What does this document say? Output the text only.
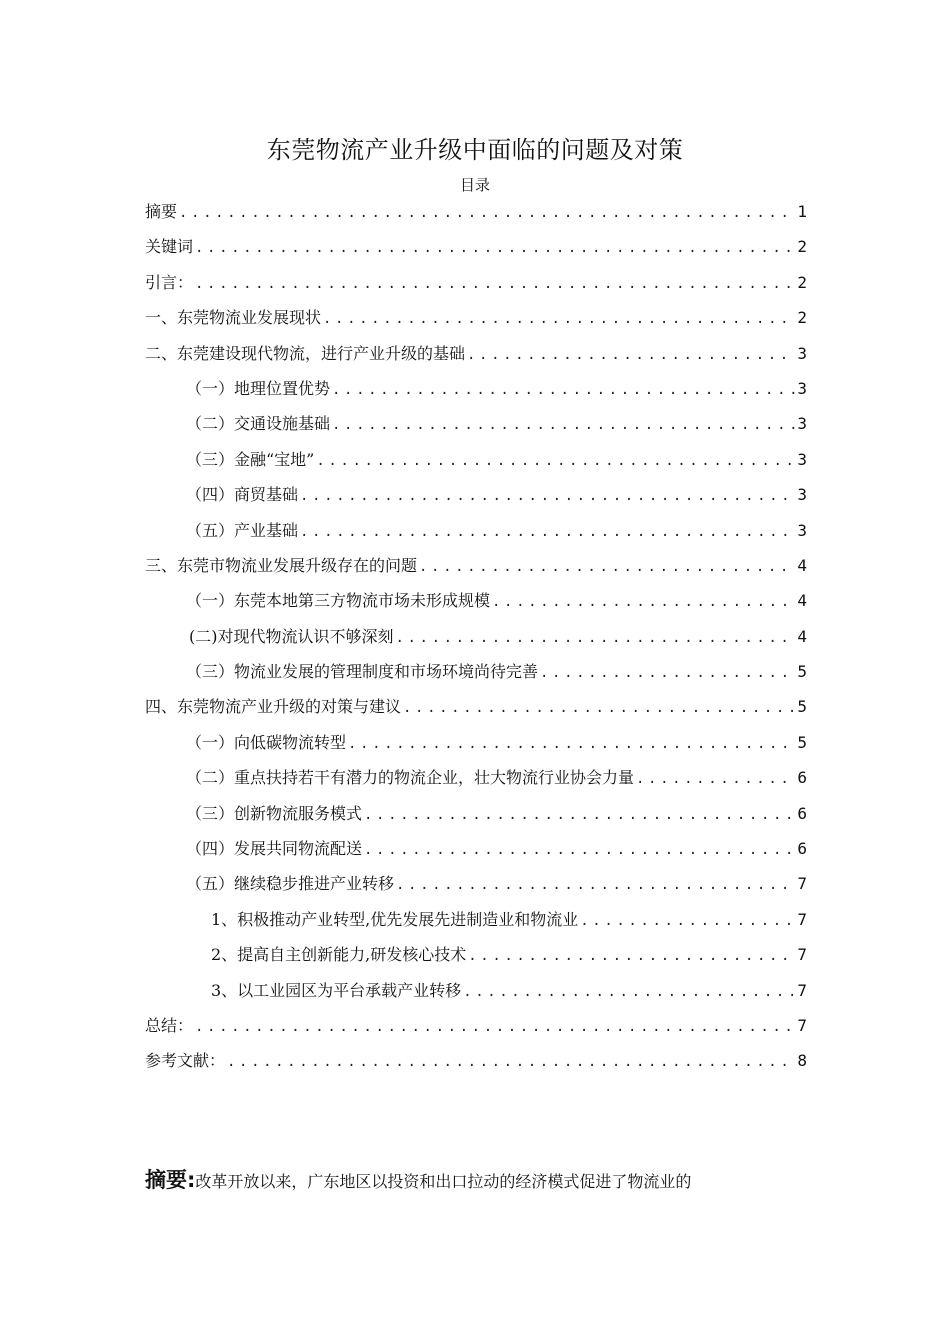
东莞物流产业升级中面临的问题及对策
目录
摘要 .....	1
关键词 .....	2
引言： .....	2
一、东莞物流业发展现状 .....	2
二、东莞建设现代物流，进行产业升级的基础 .....	3
（一）地理位置优势 .....	3
（二）交通设施基础 .....	3
（三）金融“宝地” .....	3
（四）商贸基础 .....	3
（五）产业基础 .....	3
三、东莞市物流业发展升级存在的问题 .....	4
（一）东莞本地第三方物流市场未形成规模 .....	4
(二)对现代物流认识不够深刻 .....	4
（三）物流业发展的管理制度和市场环境尚待完善 .....	5
四、东莞物流产业升级的对策与建议 .....	5
（一）向低碳物流转型 .....	5
（二）重点扶持若干有潜力的物流企业，壮大物流行业协会力量 .....	6
（三）创新物流服务模式 .....	6
（四）发展共同物流配送 .....	6
（五）继续稳步推进产业转移 .....	7
1、积极推动产业转型,优先发展先进制造业和物流业 .....	7
2、提高自主创新能力,研发核心技术 .....	7
3、以工业园区为平台承载产业转移 .....	7
总结： .....	7
参考文献： .....	8
摘要:改革开放以来，广东地区以投资和出口拉动的经济模式促进了物流业的
